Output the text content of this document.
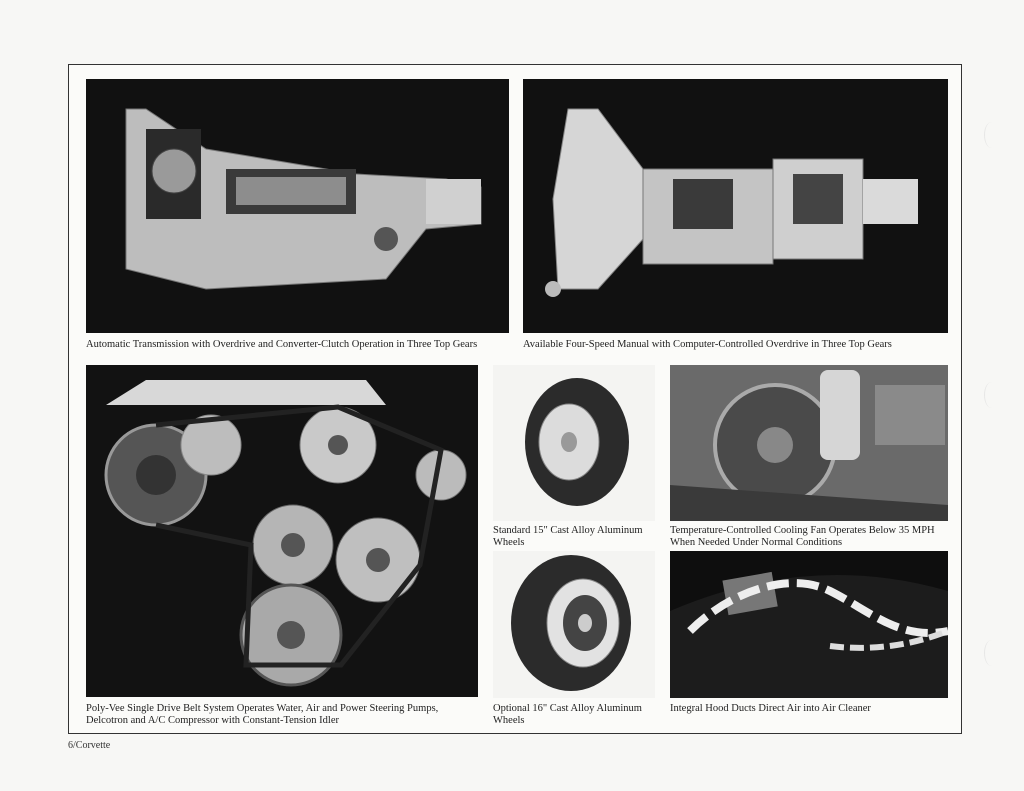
Automatic Transmission with Overdrive and Converter-Clutch Operation in Three Top Gears	Available Four-Speed Manual with Computer-Controlled Overdrive in Three Top Gears
Standard 15" Cast Alloy Aluminum Wheels
Temperature-Controlled Cooling Fan Operates Below 35 MPH When Needed Under Normal Conditions
Poly-Vee Single Drive Belt System Operates Water, Air and Power Steering Pumps, Delcotron and A/C Compressor with Constant-Tension Idler
Optional 16" Cast Alloy Aluminum Wheels
Integral Hood Ducts Direct Air into Air Cleaner
6/Corvette
